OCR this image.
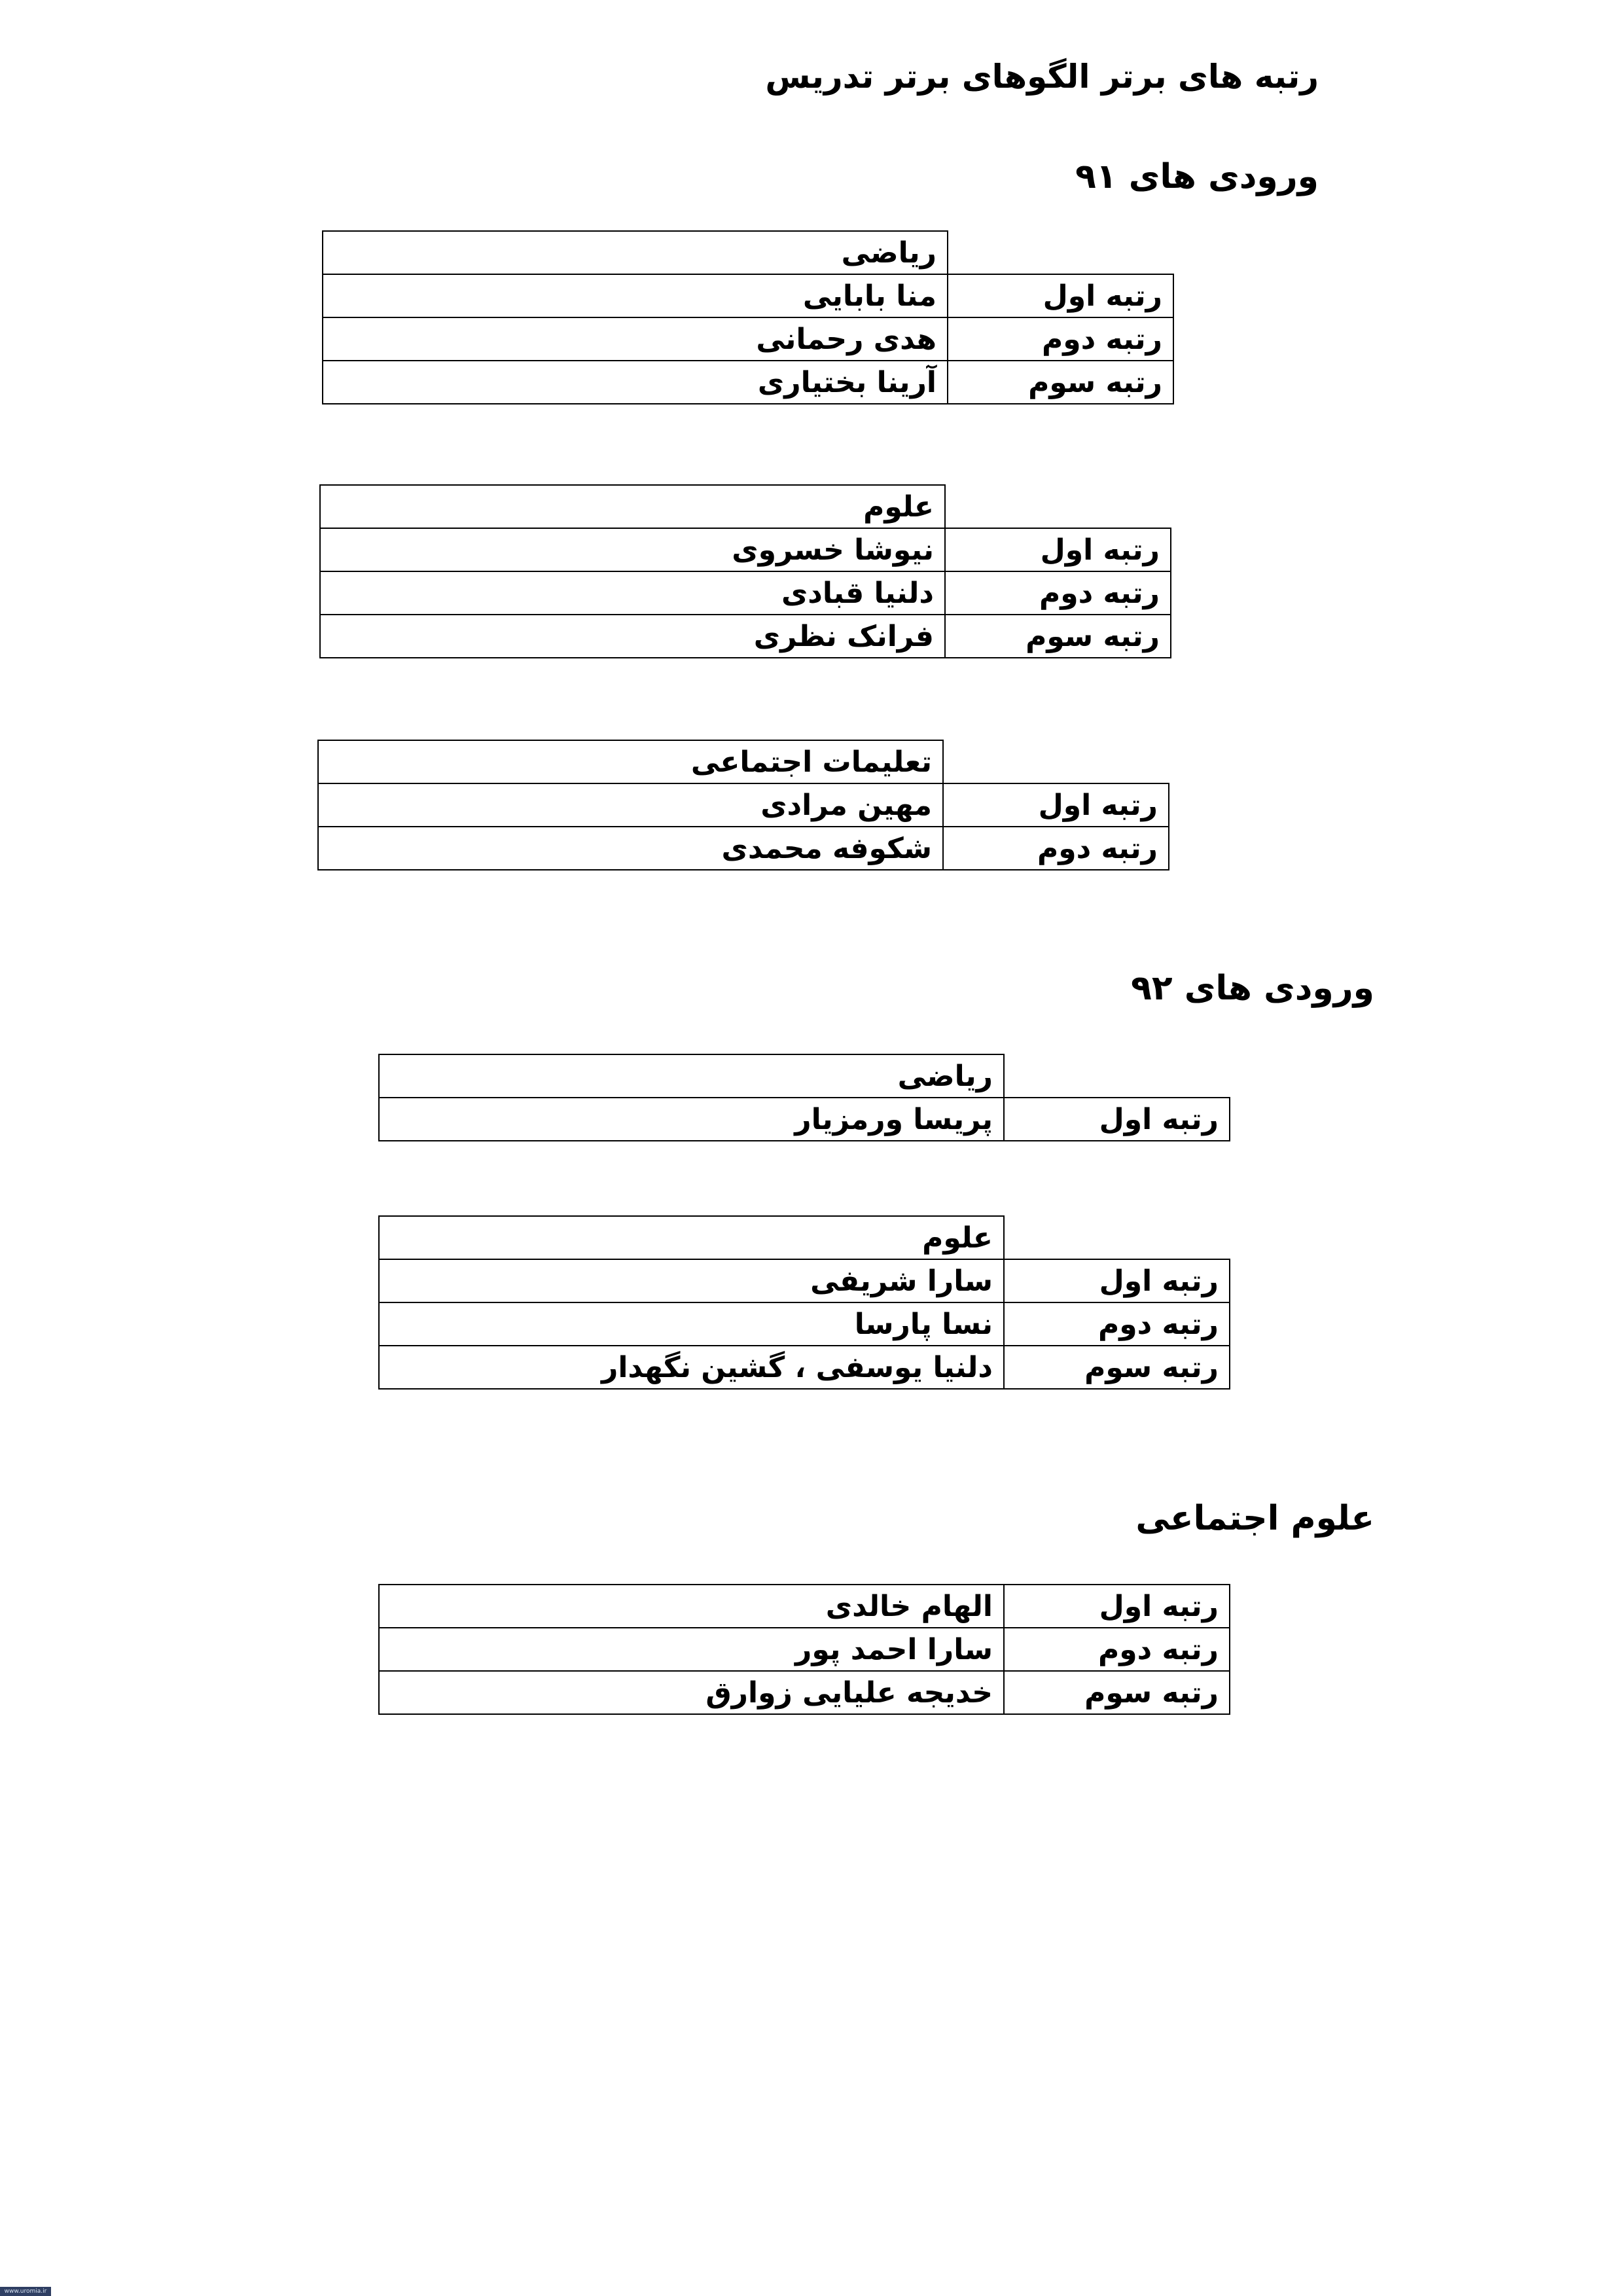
رتبه های برتر الگوهای برتر تدریس
ورودی های ۹۱
	ریاضی
رتبه اول	منا بابایی
رتبه دوم	هدی رحمانی
رتبه سوم	آرینا بختیاری
	علوم
رتبه اول	نیوشا خسروی
رتبه دوم	دلنیا قبادی
رتبه سوم	فرانک نظری
	تعلیمات اجتماعی
رتبه اول	مهین مرادی
رتبه دوم	شکوفه محمدی
ورودی های ۹۲
	ریاضی
رتبه اول	پریسا ورمزیار
	علوم
رتبه اول	سارا شریفی
رتبه دوم	نسا پارسا
رتبه سوم	دلنیا یوسفی ، گشین نگهدار
علوم اجتماعی
رتبه اول	الهام خالدی
رتبه دوم	سارا احمد پور
رتبه سوم	خدیجه علیایی زوارق
www.uromia.ir
